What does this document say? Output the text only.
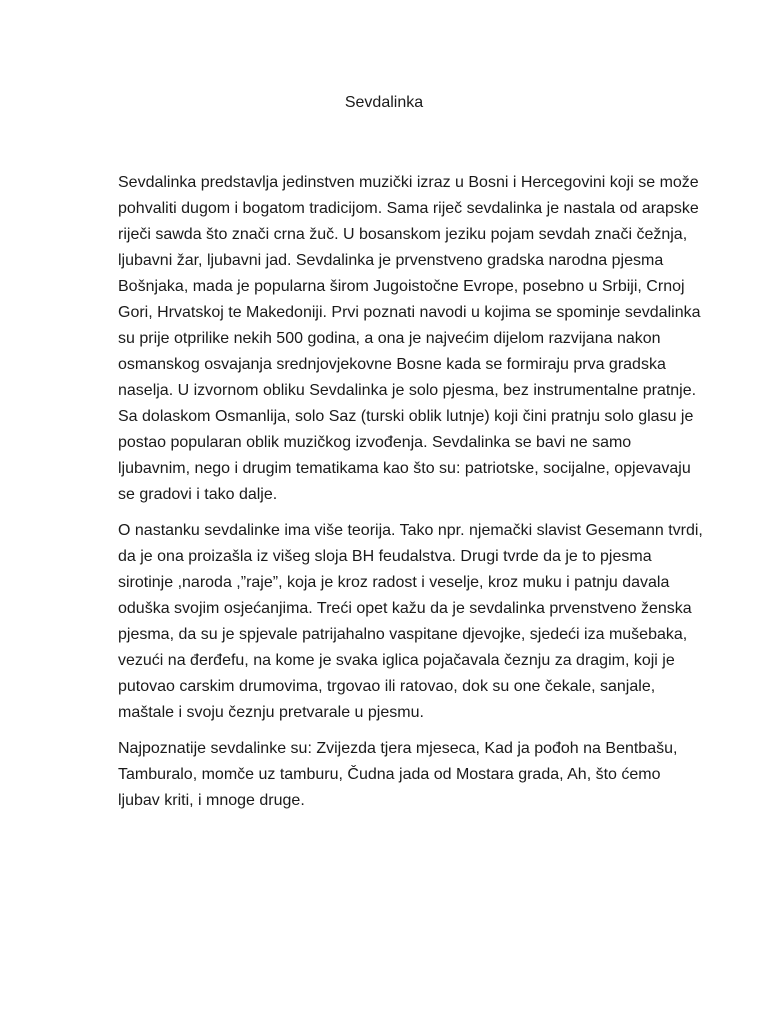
Sevdalinka

Sevdalinka predstavlja jedinstven muzički izraz u Bosni i Hercegovini koji se može
pohvaliti dugom i bogatom tradicijom. Sama riječ sevdalinka je nastala od arapske
riječi sawda što znači crna žuč. U bosanskom jeziku pojam sevdah znači čežnja,
ljubavni žar, ljubavni jad. Sevdalinka je prvenstveno gradska narodna pjesma
Bošnjaka, mada je popularna širom Jugoistočne Evrope, posebno u Srbiji, Crnoj
Gori, Hrvatskoj te Makedoniji. Prvi poznati navodi u kojima se spominje sevdalinka
su prije otprilike nekih 500 godina, a ona je najvećim dijelom razvijana nakon
osmanskog osvajanja srednjovjekovne Bosne kada se formiraju prva gradska
naselja. U izvornom obliku Sevdalinka je solo pjesma, bez instrumentalne pratnje.
Sa dolaskom Osmanlija, solo Saz (turski oblik lutnje) koji čini pratnju solo glasu je
postao popularan oblik muzičkog izvođenja. Sevdalinka se bavi ne samo
ljubavnim, nego i drugim tematikama kao što su: patriotske, socijalne, opjevavaju
se gradovi i tako dalje.

O nastanku sevdalinke ima više teorija. Tako npr. njemački slavist Gesemann tvrdi,
da je ona proizašla iz višeg sloja BH feudalstva. Drugi tvrde da je to pjesma
sirotinje ,naroda ,”raje”, koja je kroz radost i veselje, kroz muku i patnju davala
oduška svojim osjećanjima. Treći opet kažu da je sevdalinka prvenstveno ženska
pjesma, da su je spjevale patrijahalno vaspitane djevojke, sjedeći iza mušebaka,
vezući na đerđefu, na kome je svaka iglica pojačavala čeznju za dragim, koji je
putovao carskim drumovima, trgovao ili ratovao, dok su one čekale, sanjale,
maštale i svoju čeznju pretvarale u pjesmu.

Najpoznatije sevdalinke su: Zvijezda tjera mjeseca, Kad ja pođoh na Bentbašu,
Tamburalo, momče uz tamburu, Čudna jada od Mostara grada, Ah, što ćemo
ljubav kriti, i mnoge druge.
